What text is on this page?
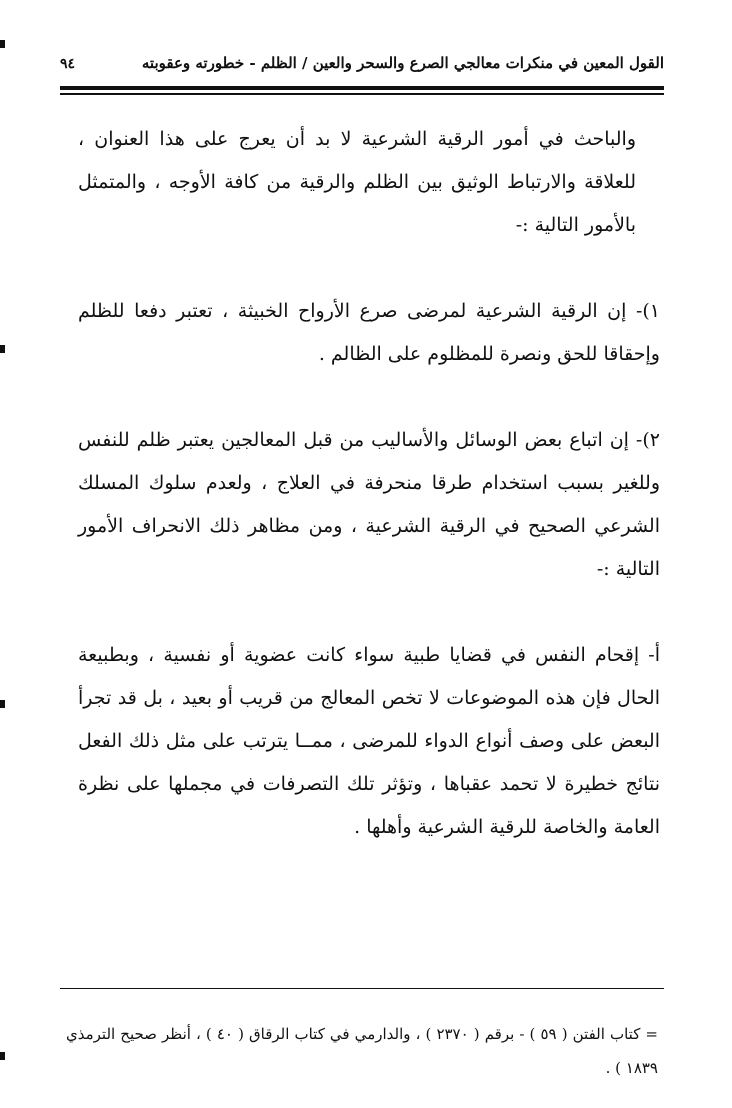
القول المعين في منكرات معالجي الصرع والسحر والعين / الظلم - خطورته وعقوبته
٩٤

والباحث في أمور الرقية الشرعية لا بد أن يعرج على هذا العنوان ، للعلاقة والارتباط الوثيق بين الظلم والرقية من كافة الأوجه ، والمتمثل بالأمور التالية :-

١)- إن الرقية الشرعية لمرضى صرع الأرواح الخبيثة ، تعتبر دفعا للظلم وإحقاقا للحق ونصرة للمظلوم على الظالم .

٢)- إن اتباع بعض الوسائل والأساليب من قبل المعالجين يعتبر ظلم للنفس وللغير بسبب استخدام طرقا منحرفة في العلاج ، ولعدم سلوك المسلك الشرعي الصحيح في الرقية الشرعية ، ومن مظاهر ذلك الانحراف الأمور التالية :-

أ- إقحام النفس في قضايا طبية سواء كانت عضوية أو نفسية ، وبطبيعة الحال فإن هذه الموضوعات لا تخص المعالج من قريب أو بعيد ، بل قد تجرأ البعض على وصف أنواع الدواء للمرضى ، ممــا يترتب على مثل ذلك الفعل نتائج خطيرة لا تحمد عقباها ، وتؤثر تلك التصرفات في مجملها على نظرة العامة والخاصة للرقية الشرعية وأهلها .

= كتاب الفتن ( ٥٩ ) - برقم ( ٢٣٧٠ ) ، والدارمي في كتاب الرقاق ( ٤٠ ) ، أنظر صحيح الترمذي ١٨٣٩ ) .
